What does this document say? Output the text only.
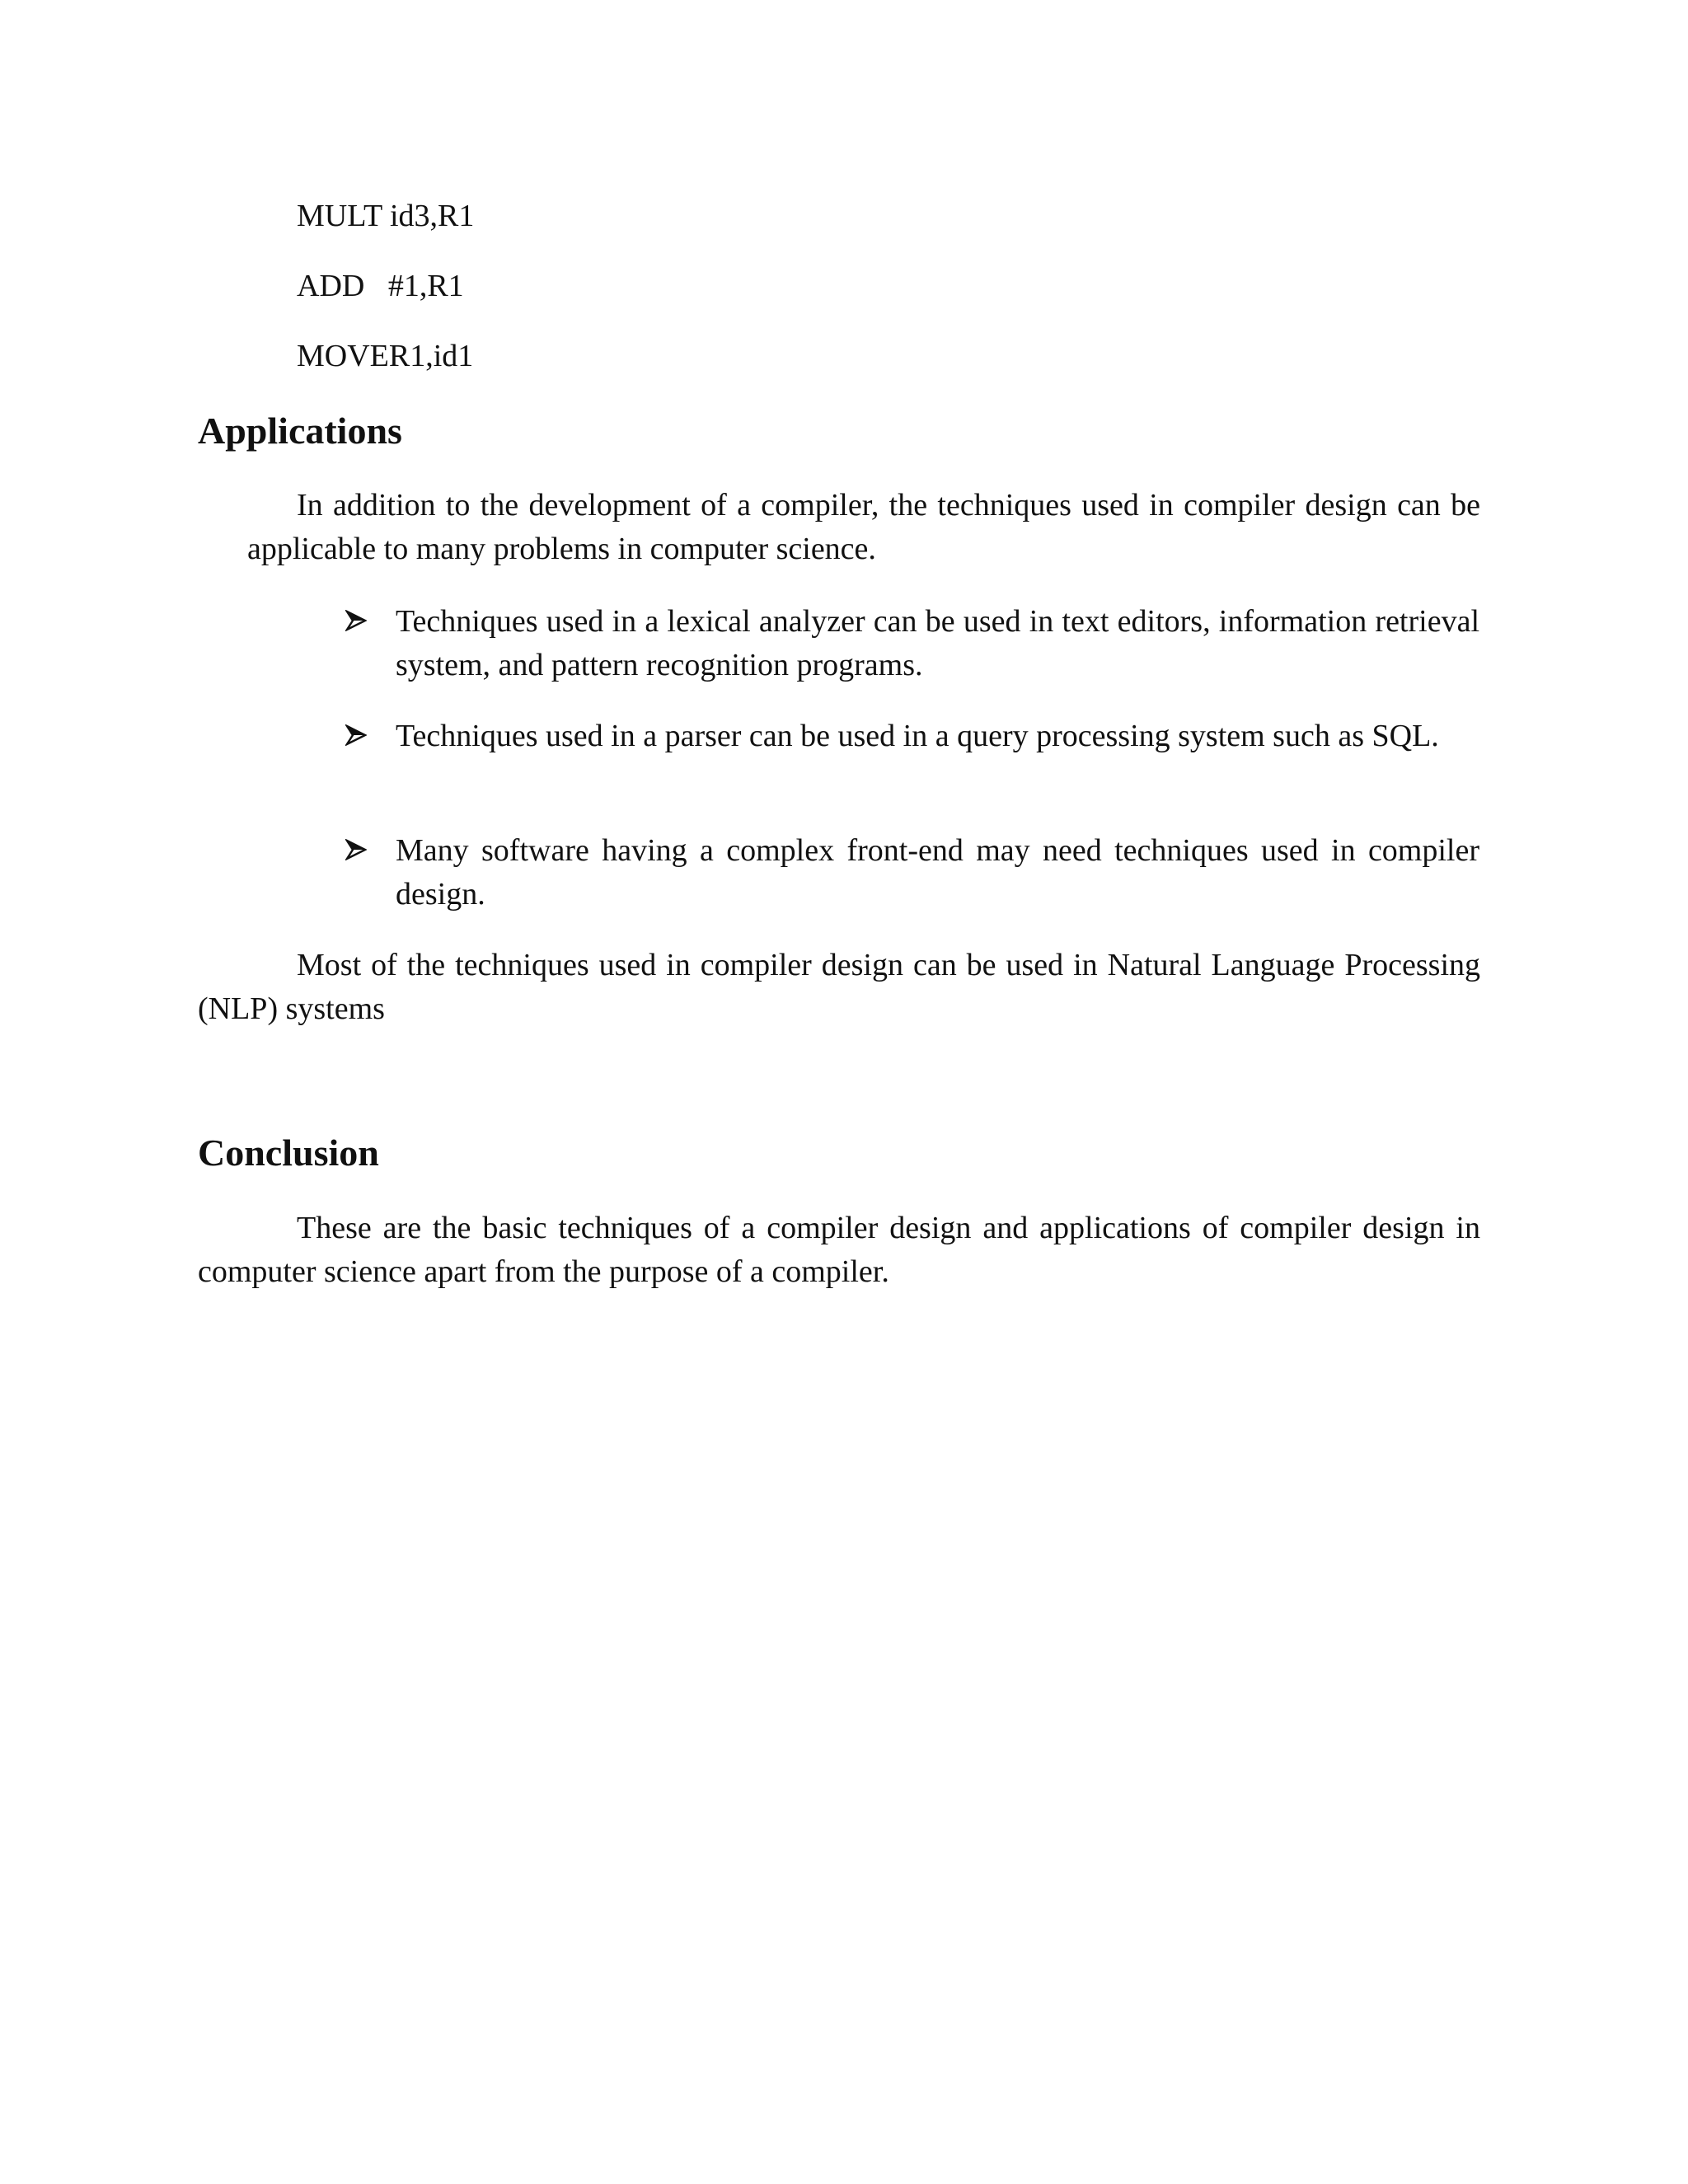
MULT id3,R1
ADD   #1,R1
MOVER1,id1
Applications

In addition to the development of a compiler, the techniques used in compiler design can be applicable to many problems in computer science.

Techniques used in a lexical analyzer can be used in text editors, information retrieval system, and pattern recognition programs.
Techniques used in a parser can be used in a query processing system such as SQL.
Many software having a complex front-end may need techniques used in compiler design.

Most of the techniques used in compiler design can be used in Natural Language Processing (NLP) systems

Conclusion

These are the basic techniques of a compiler design and applications of compiler design in computer science apart from the purpose of a compiler.
